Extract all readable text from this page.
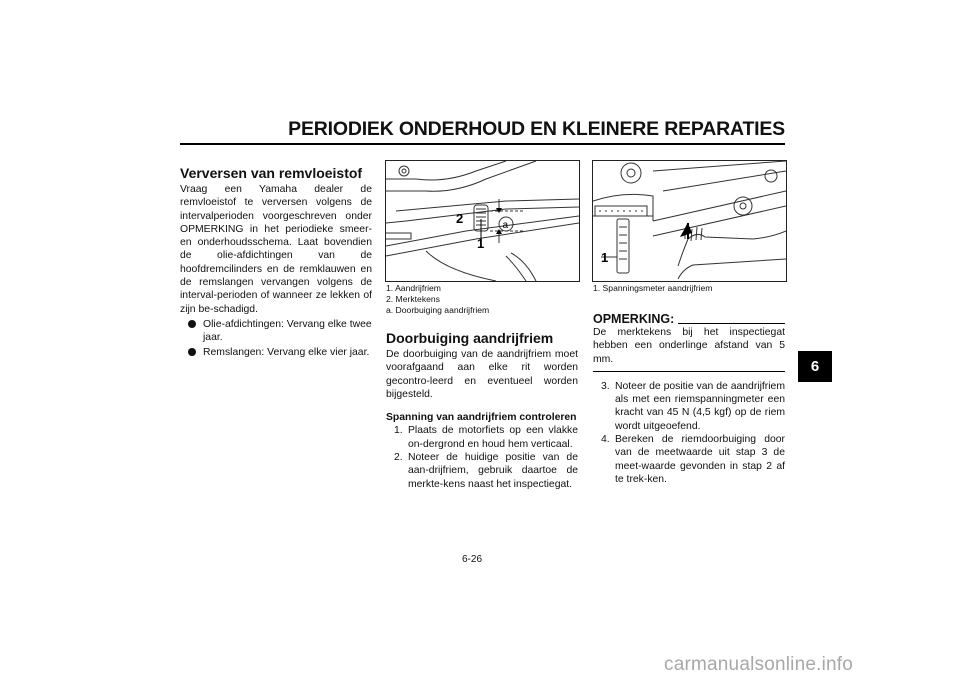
PERIODIEK ONDERHOUD EN KLEINERE REPARATIES
6
Verversen van remvloeistof

Vraag een Yamaha dealer de remvloeistof te verversen volgens de intervalperioden voorgeschreven onder OPMERKING in het periodieke smeer- en onderhoudsschema. Laat bovendien de olie-afdichtingen van de hoofdremcilinders en de remklauwen en de remslangen vervangen volgens de interval-perioden of wanneer ze lekken of zijn be-schadigd.

Olie-afdichtingen: Vervang elke twee jaar.
Remslangen: Vervang elke vier jaar.
2
1
a
1. Aandrijfriem
2. Merktekens
a. Doorbuiging aandrijfriem
Doorbuiging aandrijfriem

De doorbuiging van de aandrijfriem moet voorafgaand aan elke rit worden gecontro-leerd en eventueel worden bijgesteld.

Spanning van aandrijfriem controleren
1. Plaats de motorfiets op een vlakke on-dergrond en houd hem verticaal.
2. Noteer de huidige positie van de aan-drijfriem, gebruik daartoe de merkte-kens naast het inspectiegat.
1
1. Spanningsmeter aandrijfriem
OPMERKING:

De merktekens bij het inspectiegat hebben een onderlinge afstand van 5 mm.

3. Noteer de positie van de aandrijfriem als met een riemspanningmeter een kracht van 45 N (4,5 kgf) op de riem wordt uitgeoefend.
4. Bereken de riemdoorbuiging door van de meetwaarde uit stap 3 de meet-waarde gevonden in stap 2 af te trek-ken.
6-26
carmanualsonline.info
